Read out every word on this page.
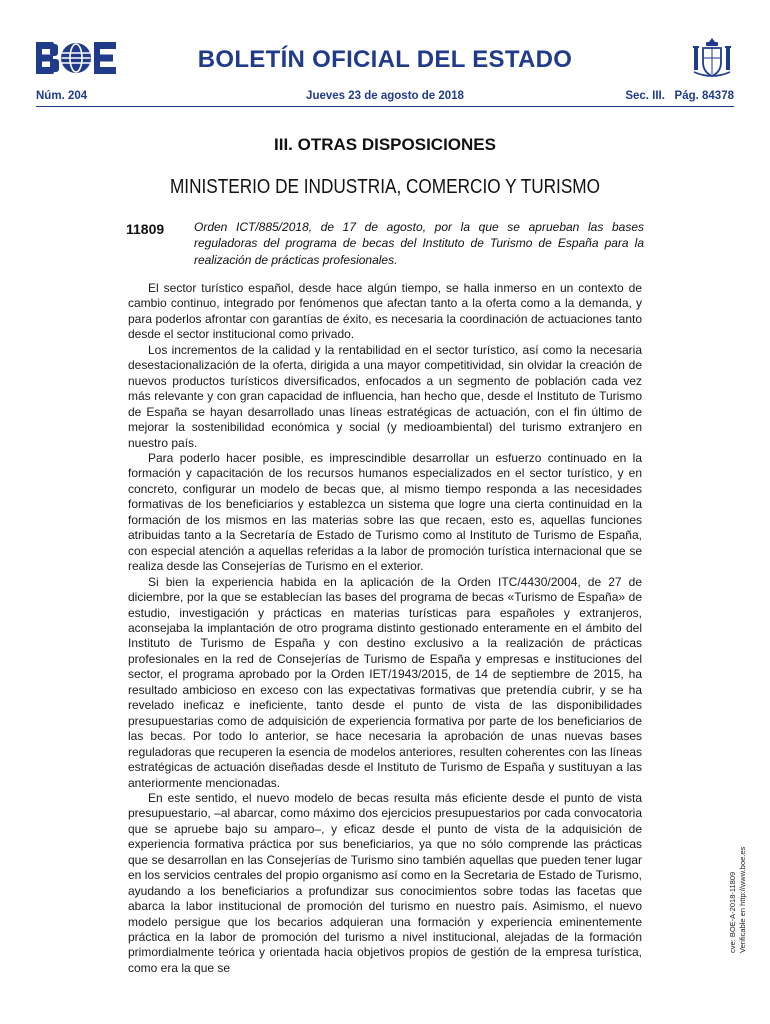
BOLETÍN OFICIAL DEL ESTADO
Núm. 204	Jueves 23 de agosto de 2018	Sec. III.   Pág. 84378
III. OTRAS DISPOSICIONES
MINISTERIO DE INDUSTRIA, COMERCIO Y TURISMO
11809 Orden ICT/885/2018, de 17 de agosto, por la que se aprueban las bases reguladoras del programa de becas del Instituto de Turismo de España para la realización de prácticas profesionales.

El sector turístico español, desde hace algún tiempo, se halla inmerso en un contexto de cambio continuo, integrado por fenómenos que afectan tanto a la oferta como a la demanda, y para poderlos afrontar con garantías de éxito, es necesaria la coordinación de actuaciones tanto desde el sector institucional como privado.

Los incrementos de la calidad y la rentabilidad en el sector turístico, así como la necesaria desestacionalización de la oferta, dirigida a una mayor competitividad, sin olvidar la creación de nuevos productos turísticos diversificados, enfocados a un segmento de población cada vez más relevante y con gran capacidad de influencia, han hecho que, desde el Instituto de Turismo de España se hayan desarrollado unas líneas estratégicas de actuación, con el fin último de mejorar la sostenibilidad económica y social (y medioambiental) del turismo extranjero en nuestro país.

Para poderlo hacer posible, es imprescindible desarrollar un esfuerzo continuado en la formación y capacitación de los recursos humanos especializados en el sector turístico, y en concreto, configurar un modelo de becas que, al mismo tiempo responda a las necesidades formativas de los beneficiarios y establezca un sistema que logre una cierta continuidad en la formación de los mismos en las materias sobre las que recaen, esto es, aquellas funciones atribuidas tanto a la Secretaría de Estado de Turismo como al Instituto de Turismo de España, con especial atención a aquellas referidas a la labor de promoción turística internacional que se realiza desde las Consejerías de Turismo en el exterior.

Si bien la experiencia habida en la aplicación de la Orden ITC/4430/2004, de 27 de diciembre, por la que se establecían las bases del programa de becas «Turismo de España» de estudio, investigación y prácticas en materias turísticas para españoles y extranjeros, aconsejaba la implantación de otro programa distinto gestionado enteramente en el ámbito del Instituto de Turismo de España y con destino exclusivo a la realización de prácticas profesionales en la red de Consejerías de Turismo de España y empresas e instituciones del sector, el programa aprobado por la Orden IET/1943/2015, de 14 de septiembre de 2015, ha resultado ambicioso en exceso con las expectativas formativas que pretendía cubrir, y se ha revelado ineficaz e ineficiente, tanto desde el punto de vista de las disponibilidades presupuestarias como de adquisición de experiencia formativa por parte de los beneficiarios de las becas. Por todo lo anterior, se hace necesaria la aprobación de unas nuevas bases reguladoras que recuperen la esencia de modelos anteriores, resulten coherentes con las líneas estratégicas de actuación diseñadas desde el Instituto de Turismo de España y sustituyan a las anteriormente mencionadas.

En este sentido, el nuevo modelo de becas resulta más eficiente desde el punto de vista presupuestario, –al abarcar, como máximo dos ejercicios presupuestarios por cada convocatoria que se apruebe bajo su amparo–, y eficaz desde el punto de vista de la adquisición de experiencia formativa práctica por sus beneficiarios, ya que no sólo comprende las prácticas que se desarrollan en las Consejerías de Turismo sino también aquellas que pueden tener lugar en los servicios centrales del propio organismo así como en la Secretaria de Estado de Turismo, ayudando a los beneficiarios a profundizar sus conocimientos sobre todas las facetas que abarca la labor institucional de promoción del turismo en nuestro país. Asimismo, el nuevo modelo persigue que los becarios adquieran una formación y experiencia eminentemente práctica en la labor de promoción del turismo a nivel institucional, alejadas de la formación primordialmente teórica y orientada hacia objetivos propios de gestión de la empresa turística, como era la que se

cve: BOE-A-2018-11809 Verificable en http://www.boe.es
